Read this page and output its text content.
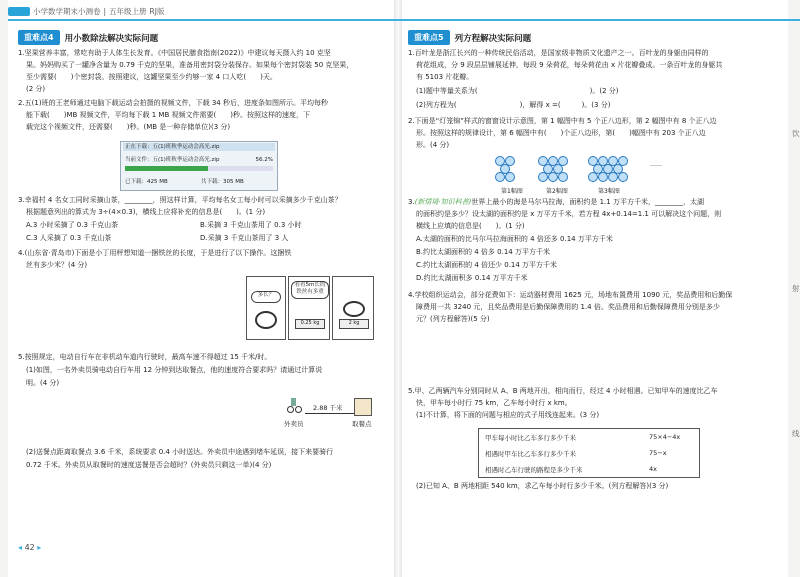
小学数学期末小测卷 | 五年级上册 RJ版
重难点4	用小数除法解决实际问题
1.坚果营养丰富，常吃有助于人体生长发育。《中国居民膳食指南(2022)》中建议每天摄入约 10 克坚
果。妈妈购买了一罐净含量为 0.79 千克的坚果，准备用密封袋分装保存。如果每个密封袋装 50 克坚果，
至少需要(　　)个密封袋。按照建议，这罐坚果至少约够一家 4 口人吃(　　)天。
(2 分)
2.五(1)班的王老师通过电脑下载运动会拍摄的视频文件，下载 34 秒后，进度条如图所示。平均每秒
能下载(　　)MB 视频文件，平均每下载 1 MB 视频文件需要(　　)秒。按照这样的速度，下
载完这个视频文件，还需要(　　)秒。(MB 是一种存储单位)(3 分)
正在下载：五(1)班秋季运动会高光.zip
当前文件：五(1)班秋季运动会高光.zip	56.2%
已下载：425 MB	共下载：305 MB
3.幸福村 4 名女工同时采摘山茶，________，照这样计算，平均每名女工每小时可以采摘多少千克山茶？
根据题意列出的算式为 3÷(4×0.3)，横线上应将补充的信息是(　　)。(1 分)
A.3 小时采摘了 0.3 千克山茶	B.采摘 3 千克山茶用了 0.3 小时
C.3 人采摘了 0.3 千克山茶	D.采摘 3 千克山茶用了 3 人
4.(山东省·青岛市)下面是小丁用秤想知道一捆铁丝的长度，于是进行了以下操作。这捆铁
丝有多少米？(4 分)
多长？
看看5m长的铁丝有多重
0.25 kg	2 kg
5.按照规定，电动自行车在非机动车道内行驶时，最高车速不得超过 15 千米/时。
(1)如图，一名外卖员骑电动自行车用 12 分钟到达取餐点，他的速度符合要求吗？请通过计算说
明。(4 分)
2.88 千米
外卖员	取餐点
(2)送餐点距离取餐点 3.6 千米，系统要求 0.4 小时送达。外卖员中途遇到堵车延误，接下来要骑行
0.72 千米。外卖员从取餐时的速度送餐是否会超时？(外卖员只剩这一单)(4 分)
◂ 42 ▸
重难点5	列方程解决实际问题
1.百叶龙是浙江长兴的一种传统民俗活动，是国家级非物质文化遗产之一。百叶龙的身躯由同样的
荷花组成，分 9 段层层铺展延伸，每段 9 朵荷花，每朵荷花由 x 片花瓣叠成。一条百叶龙的身躯共
有 5103 片花瓣。
(1)题中等量关系为(　　　　　　　　　　　　　　　　)。(2 分)
(2)列方程为(　　　　　　　　　)，解得 x =(　　　)。(3 分)
2.下面是“灯笼锦”样式的窗窗设计示意图，第 1 幅图中有 5 个正八边形，第 2 幅图中有 8 个正八边
形。按照这样的规律设计，第 6 幅图中有(　　)个正八边形，第(　　)幅图中有 203 个正八边
形。(4 分)
第1幅图	第2幅图	第3幅图
……
3.(新情境·知识科普)世界上最小的海是马尔马拉海，面积约是 1.1 万平方千米，________，太湖
的面积约是多少？设太湖的面积约是 x 万平方千米，若方程 4x+0.14=1.1 可以解决这个问题，则
横线上应填的信息是(　　)。(1 分)
A.太湖的面积的比马尔马拉海面积的 4 倍还多 0.14 万平方千米
B.约比太湖面积的 4 倍多 0.14 万平方千米
C.约比太湖面积的 4 倍还少 0.14 万平方千米
D.约比太湖面积多 0.14 万平方千米
4.学校组织运动会，部分花费如下：运动器材费用 1625 元，场地布置费用 1090 元，奖品费用和后勤保
障费用一共 3240 元，且奖品费用是后勤保障费用的 1.4 倍。奖品费用和后勤保障费用分别是多少
元？(列方程解答)(5 分)
5.甲、乙两辆汽车分别同时从 A、B 两地开出，相向而行，经过 4 小时相遇。已知甲车的速度比乙车
快，甲车每小时行 75 km，乙车每小时行 x km。
(1)不计算，将下面的问题与相应的式子用线连起来。(3 分)
甲车每小时比乙车多行多少千米	75×4−4x
相遇时甲车比乙车多行多少千米	75−x
相遇时乙车行驶的路程是多少千米	4x
(2)已知 A、B 两地相距 540 km，求乙车每小时行多少千米。(列方程解答)(3 分)
饮
射
线
